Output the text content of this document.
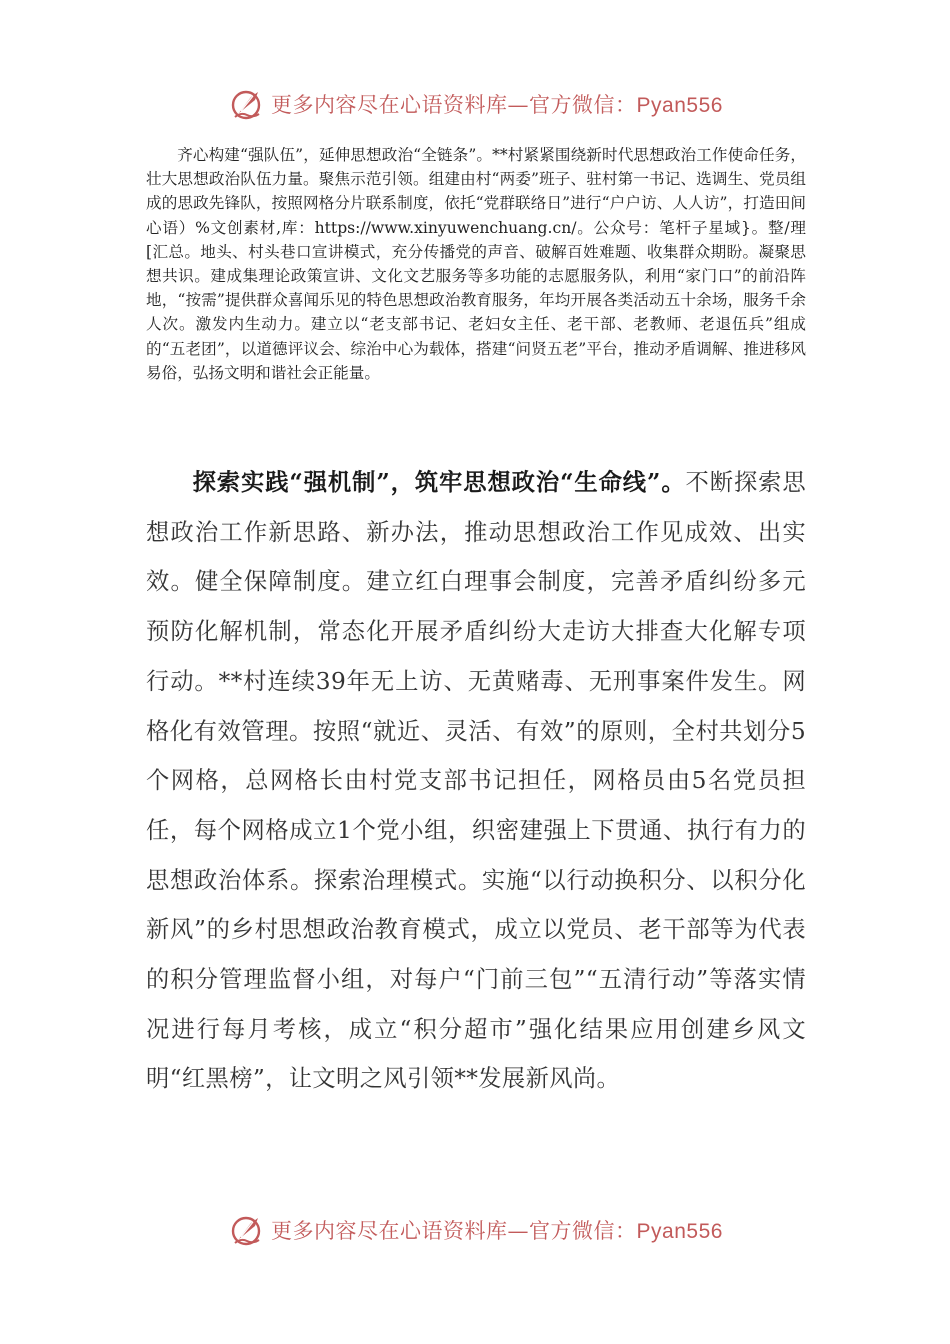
更多内容尽在心语资料库—官方微信：Pyan556

齐心构建“强队伍”，延伸思想政治“全链条”。**村紧紧围绕新时代思想政治工作使命任务，壮大思想政治队伍力量。聚焦示范引领。组建由村“两委”班子、驻村第一书记、选调生、党员组成的思政先锋队，按照网格分片联系制度，依托“党群联络日”进行“户户访、人人访”，打造田间心语）%文创素材,库：https://www.xinyuwenchuang.cn/。公众号：笔杆子星域}。整/理[汇总。地头、村头巷口宣讲模式，充分传播党的声音、破解百姓难题、收集群众期盼。凝聚思想共识。建成集理论政策宣讲、文化文艺服务等多功能的志愿服务队，利用“家门口”的前沿阵地，“按需”提供群众喜闻乐见的特色思想政治教育服务，年均开展各类活动五十余场，服务千余人次。激发内生动力。建立以“老支部书记、老妇女主任、老干部、老教师、老退伍兵”组成的“五老团”，以道德评议会、综治中心为载体，搭建“问贤五老”平台，推动矛盾调解、推进移风易俗，弘扬文明和谐社会正能量。

探索实践“强机制”，筑牢思想政治“生命线”。不断探索思想政治工作新思路、新办法，推动思想政治工作见成效、出实效。健全保障制度。建立红白理事会制度，完善矛盾纠纷多元预防化解机制，常态化开展矛盾纠纷大走访大排查大化解专项行动。**村连续39年无上访、无黄赌毒、无刑事案件发生。网格化有效管理。按照“就近、灵活、有效”的原则，全村共划分5个网格，总网格长由村党支部书记担任，网格员由5名党员担任，每个网格成立1个党小组，织密建强上下贯通、执行有力的思想政治体系。探索治理模式。实施“以行动换积分、以积分化新风”的乡村思想政治教育模式，成立以党员、老干部等为代表的积分管理监督小组，对每户“门前三包”“五清行动”等落实情况进行每月考核，成立“积分超市”强化结果应用创建乡风文明“红黑榜”，让文明之风引领**发展新风尚。

更多内容尽在心语资料库—官方微信：Pyan556
